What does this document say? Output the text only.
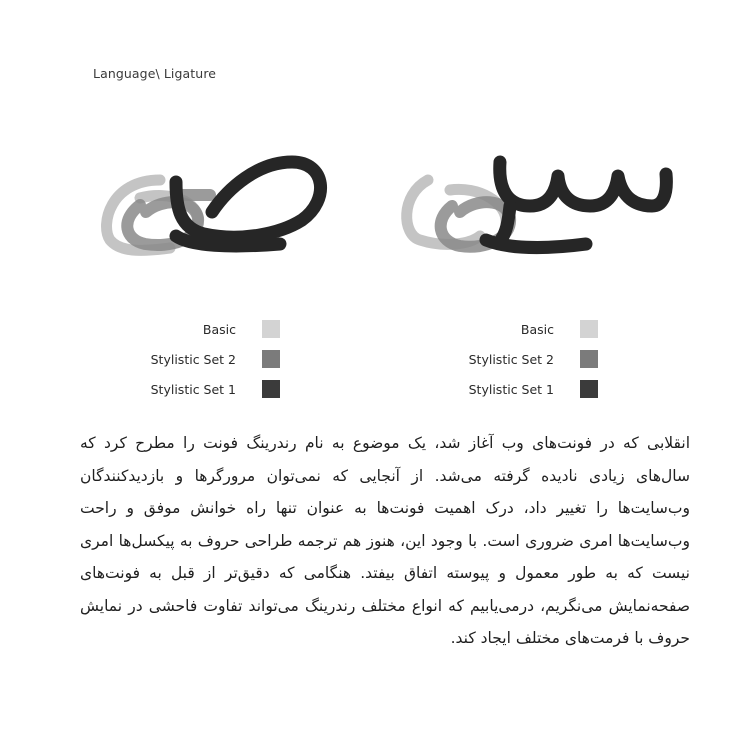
Language\ Ligature
Basic
Stylistic Set 2
Stylistic Set 1
Basic
Stylistic Set 2
Stylistic Set 1
انقلابی که در فونت‌های وب آغاز شد، یک موضوع به نام رندرینگ فونت را مطرح کرد که سال‌های زیادی نادیده گرفته می‌شد. از آنجایی که نمی‌توان مرورگرها و بازدیدکنندگان وب‌سایت‌ها را تغییر داد، درک اهمیت فونت‌ها به عنوان تنها راه خوانش موفق و راحت وب‌سایت‌ها امری ضروری است. با وجود این، هنوز هم ترجمه طراحی حروف به پیکسل‌ها امری نیست که به طور معمول و پیوسته اتفاق بیفتد. هنگامی که دقیق‌تر از قبل به فونت‌های صفحه‌نمایش می‌نگریم، درمی‌یابیم که انواع مختلف رندرینگ می‌تواند تفاوت فاحشی در نمایش حروف با فرمت‌های مختلف ایجاد کند.
